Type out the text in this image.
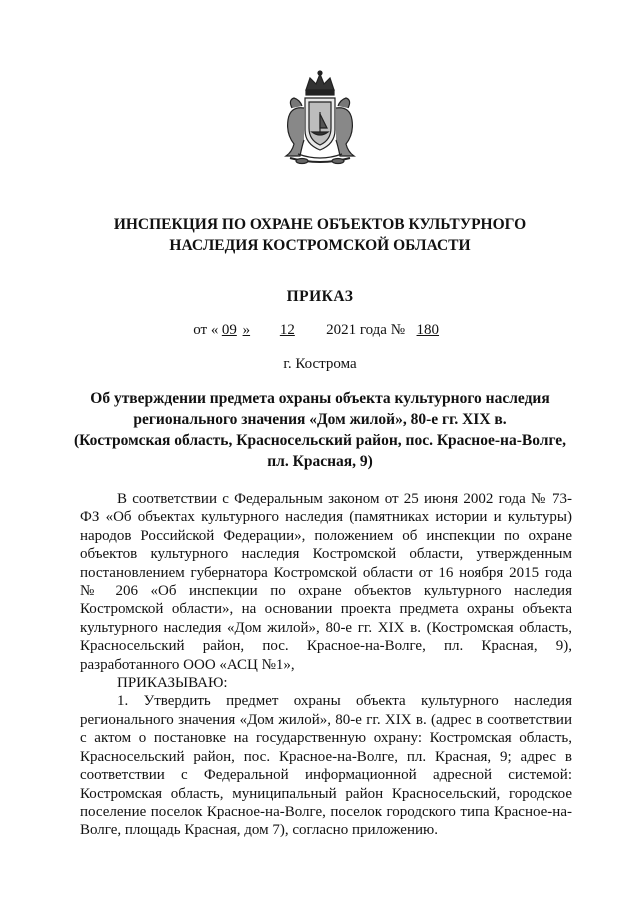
ИНСПЕКЦИЯ ПО ОХРАНЕ ОБЪЕКТОВ КУЛЬТУРНОГО
НАСЛЕДИЯ КОСТРОМСКОЙ ОБЛАСТИ
ПРИКАЗ
от « 09 » 12 2021 года № 180
г. Кострома
Об утверждении предмета охраны объекта культурного наследия
регионального значения «Дом жилой», 80-е гг. XIX в.
(Костромская область, Красносельский район, пос. Красное-на-Волге,
пл. Красная, 9)

В соответствии с Федеральным законом от 25 июня 2002 года № 73-ФЗ «Об объектах культурного наследия (памятниках истории и культуры) народов Российской Федерации», положением об инспекции по охране объектов культурного наследия Костромской области, утвержденным постановлением губернатора Костромской области от 16 ноября 2015 года № 206 «Об инспекции по охране объектов культурного наследия Костромской области», на основании проекта предмета охраны объекта культурного наследия «Дом жилой», 80-е гг. XIX в. (Костромская область, Красносельский район, пос. Красное-на-Волге, пл. Красная, 9), разработанного ООО «АСЦ №1»,

ПРИКАЗЫВАЮ:

1. Утвердить предмет охраны объекта культурного наследия регионального значения «Дом жилой», 80-е гг. XIX в. (адрес в соответствии с актом о постановке на государственную охрану: Костромская область, Красносельский район, пос. Красное-на-Волге, пл. Красная, 9; адрес в соответствии с Федеральной информационной адресной системой: Костромская область, муниципальный район Красносельский, городское поселение поселок Красное-на-Волге, поселок городского типа Красное-на-Волге, площадь Красная, дом 7), согласно приложению.
